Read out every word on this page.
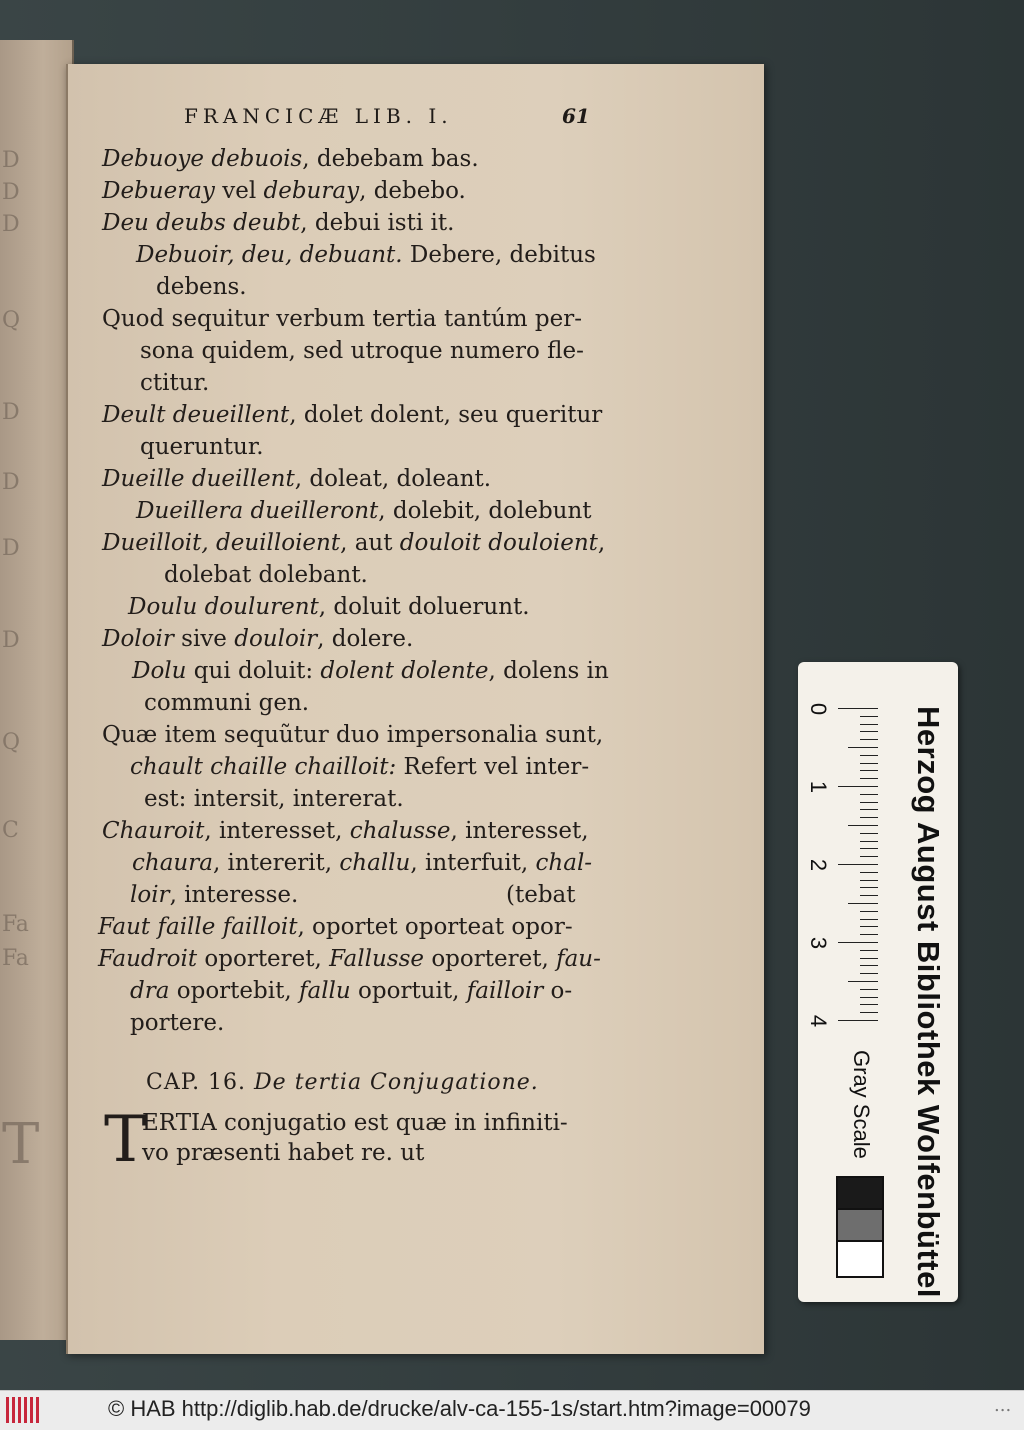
D
D
D
Q
D
D
D
D
Q
C
Fa
Fa
T
FRANCICÆ LIB. I.	61
Debuoye debuois, debebam bas.
Debueray vel deburay, debebo.
Deu deubs deubt, debui isti it.
Debuoir, deu, debuant. Debere, debitus
debens.
Quod sequitur verbum tertia tantúm per-
sona quidem, sed utroque numero fle-
ctitur.
Deult deueillent, dolet dolent, seu queritur
queruntur.
Dueille dueillent, doleat, doleant.
Dueillera dueilleront, dolebit, dolebunt
Dueilloit, deuilloient, aut douloit douloient,
dolebat dolebant.
Doulu doulurent, doluit doluerunt.
Doloir sive douloir, dolere.
Dolu qui doluit: dolent dolente, dolens in
communi gen.
Quæ item sequũtur duo impersonalia sunt,
chault chaille chailloit: Refert vel inter-
est: intersit, intererat.
Chauroit, interesset, chalusse, interesset,
chaura, intererit, challu, interfuit, chal-
loir, interesse.	(tebat
Faut faille failloit, oportet oporteat opor-
Faudroit oporteret, Fallusse oporteret, fau-
dra oportebit, fallu oportuit, failloir o-
portere.
CAP. 16. De tertia Conjugatione.
T
ERTIA conjugatio est quæ in infiniti-
vo præsenti habet re. ut
0
1
2
3
4	Herzog August Bibliothek Wolfenbüttel
Gray Scale
© HAB http://diglib.hab.de/drucke/alv-ca-155-1s/start.htm?image=00079	...
